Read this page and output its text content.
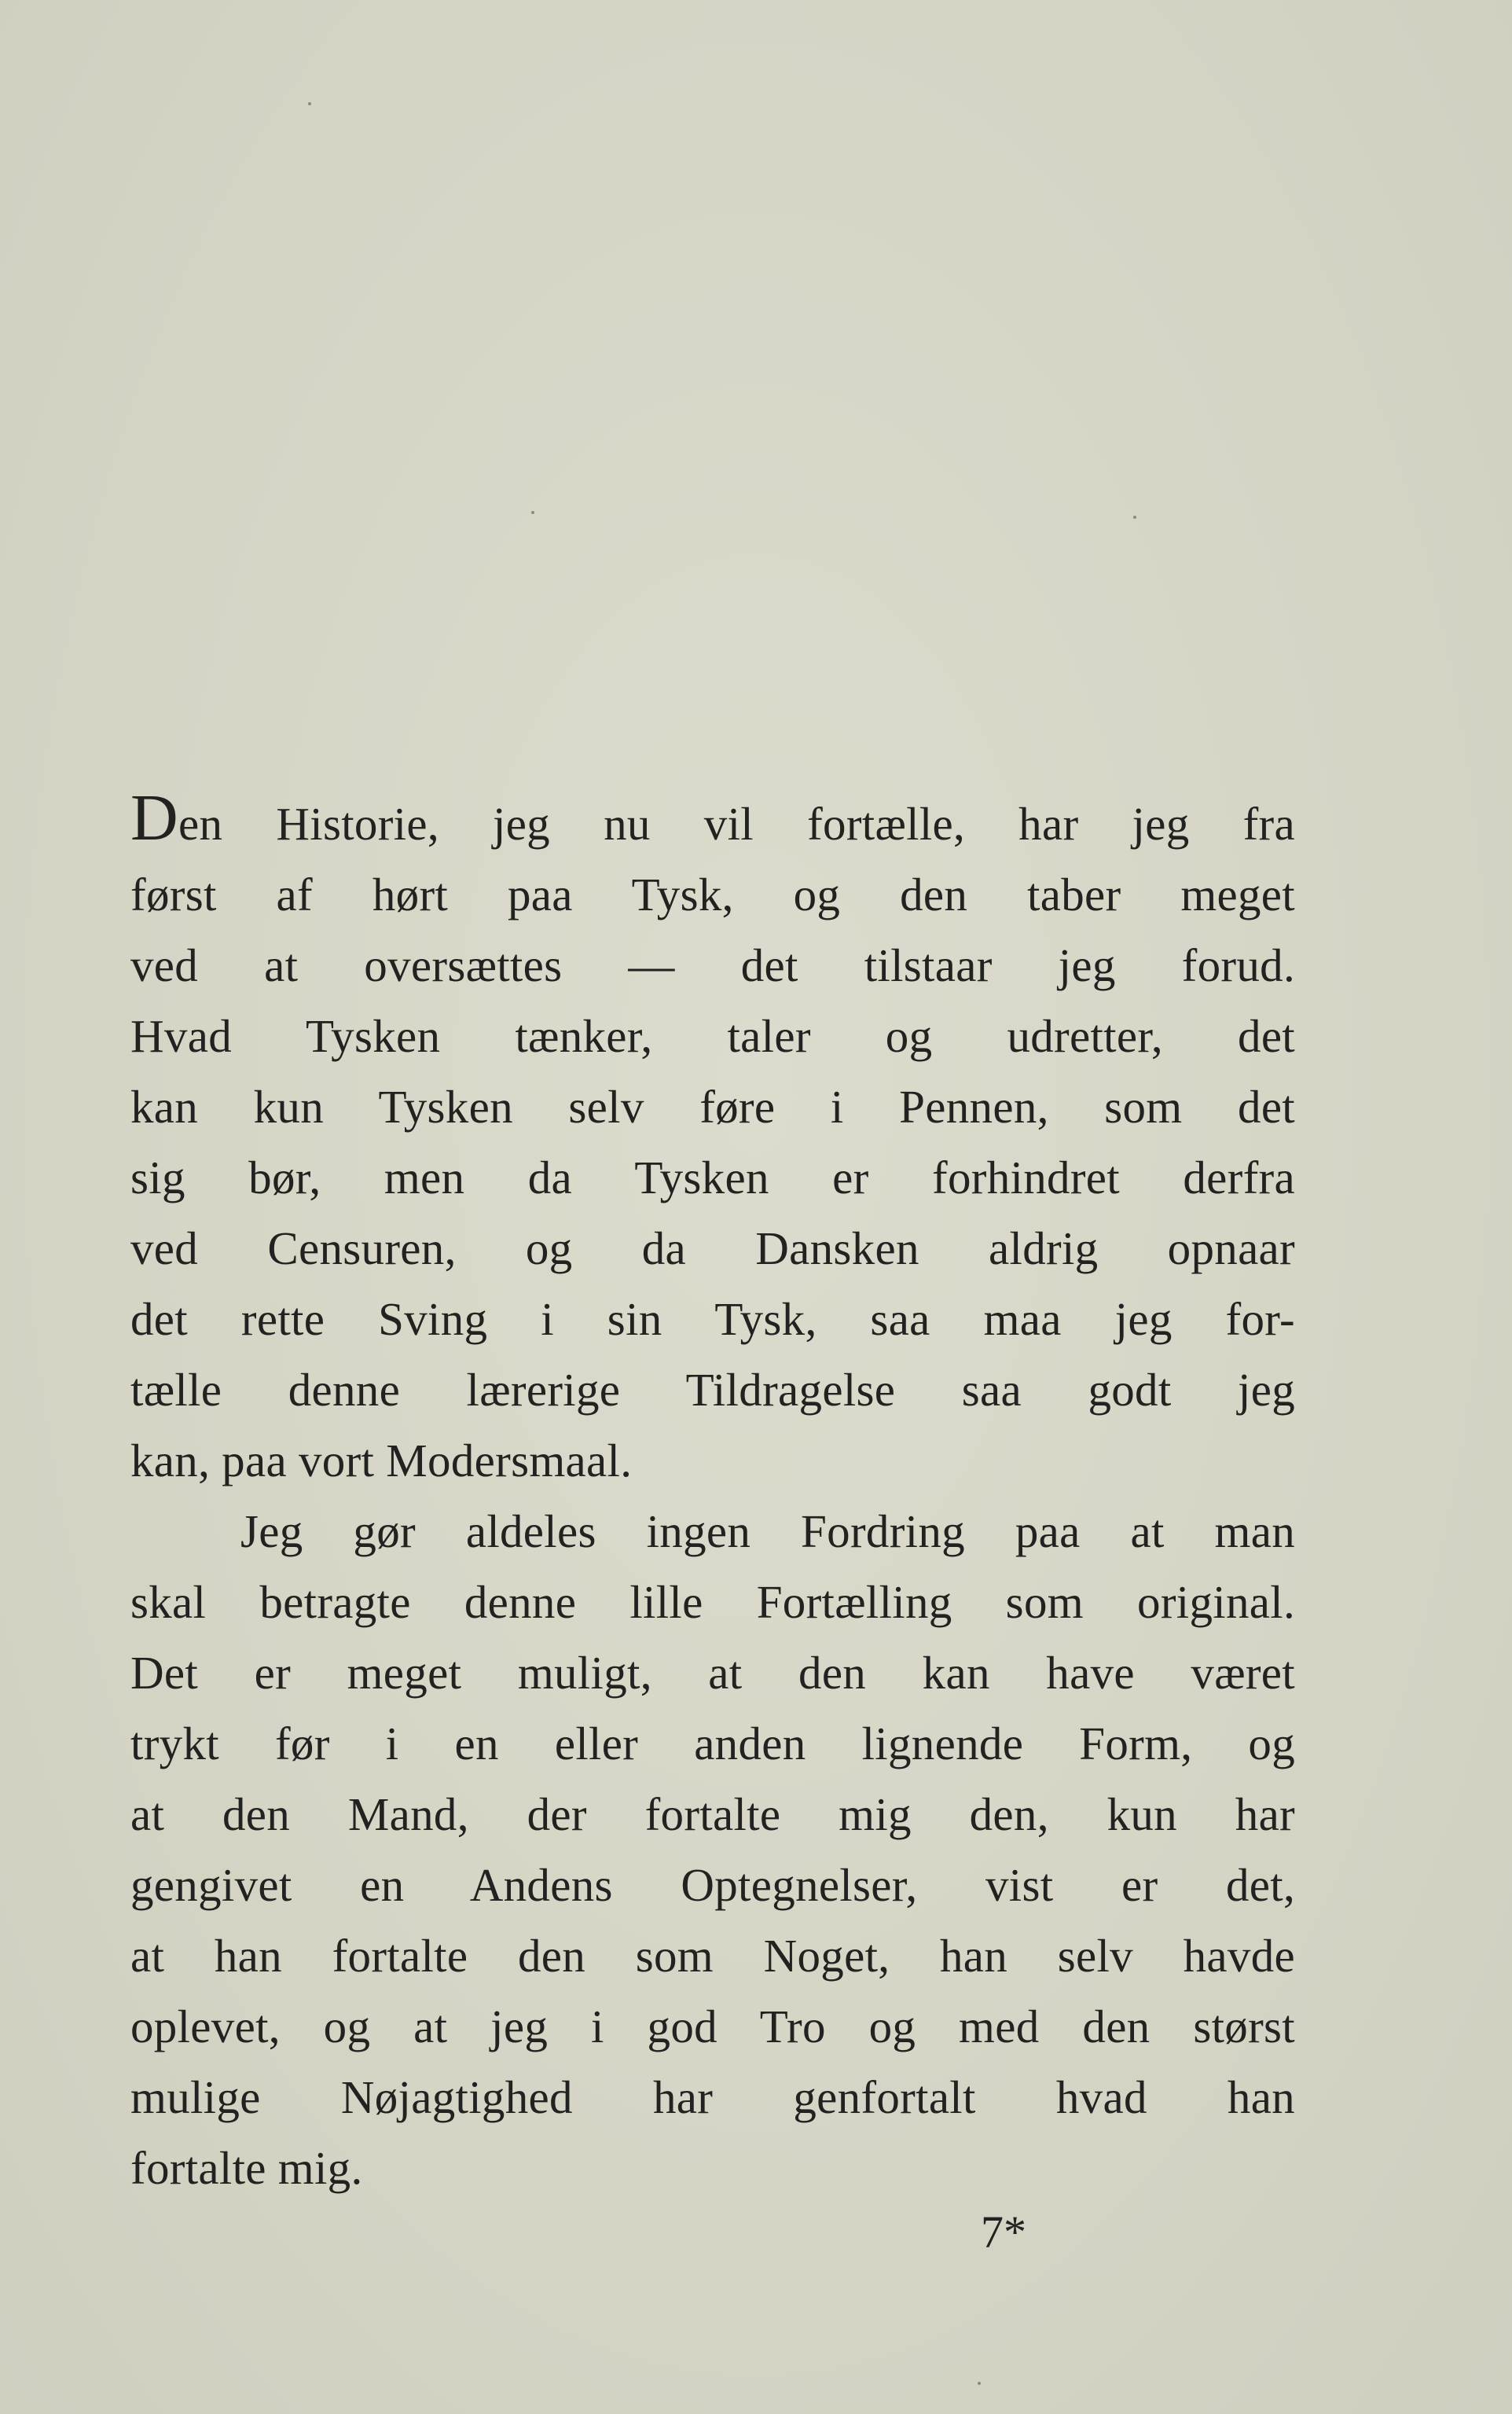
Den Historie, jeg nu vil fortælle, har jeg fra
først af hørt paa Tysk, og den taber meget
ved at oversættes — det tilstaar jeg forud.
Hvad Tysken tænker, taler og udretter, det
kan kun Tysken selv føre i Pennen, som det
sig bør, men da Tysken er forhindret derfra
ved Censuren, og da Dansken aldrig opnaar
det rette Sving i sin Tysk, saa maa jeg for-
tælle denne lærerige Tildragelse saa godt jeg
kan, paa vort Modersmaal.
Jeg gør aldeles ingen Fordring paa at man
skal betragte denne lille Fortælling som original.
Det er meget muligt, at den kan have været
trykt før i en eller anden lignende Form, og
at den Mand, der fortalte mig den, kun har
gengivet en Andens Optegnelser, vist er det,
at han fortalte den som Noget, han selv havde
oplevet, og at jeg i god Tro og med den størst
mulige Nøjagtighed har genfortalt hvad han
fortalte mig.
7*
